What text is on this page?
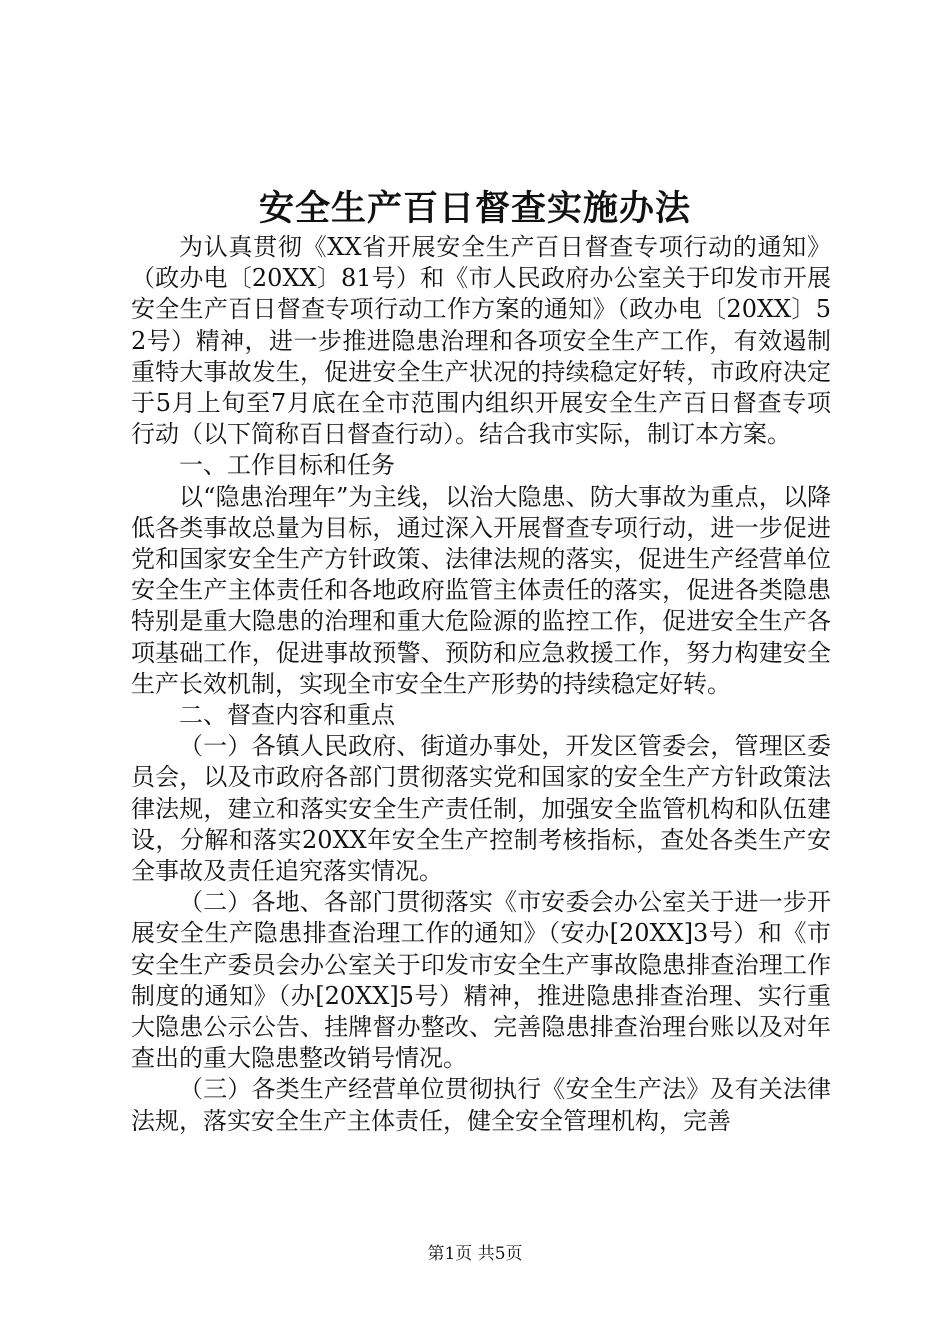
安全生产百日督查实施办法

为认真贯彻《XX省开展安全生产百日督查专项行动的通知》（政办电〔20XX〕81号）和《市人民政府办公室关于印发市开展安全生产百日督查专项行动工作方案的通知》（政办电〔20XX〕52号）精神，进一步推进隐患治理和各项安全生产工作，有效遏制重特大事故发生，促进安全生产状况的持续稳定好转，市政府决定于5月上旬至7月底在全市范围内组织开展安全生产百日督查专项行动（以下简称百日督查行动）。结合我市实际，制订本方案。

一、工作目标和任务

以“隐患治理年”为主线，以治大隐患、防大事故为重点，以降低各类事故总量为目标，通过深入开展督查专项行动，进一步促进党和国家安全生产方针政策、法律法规的落实，促进生产经营单位安全生产主体责任和各地政府监管主体责任的落实，促进各类隐患特别是重大隐患的治理和重大危险源的监控工作，促进安全生产各项基础工作，促进事故预警、预防和应急救援工作，努力构建安全生产长效机制，实现全市安全生产形势的持续稳定好转。

二、督查内容和重点

（一）各镇人民政府、街道办事处，开发区管委会，管理区委员会，以及市政府各部门贯彻落实党和国家的安全生产方针政策法律法规，建立和落实安全生产责任制，加强安全监管机构和队伍建设，分解和落实20XX年安全生产控制考核指标，查处各类生产安全事故及责任追究落实情况。

（二）各地、各部门贯彻落实《市安委会办公室关于进一步开展安全生产隐患排查治理工作的通知》（安办[20XX]3号）和《市安全生产委员会办公室关于印发市安全生产事故隐患排查治理工作制度的通知》（办[20XX]5号）精神，推进隐患排查治理、实行重大隐患公示公告、挂牌督办整改、完善隐患排查治理台账以及对年查出的重大隐患整改销号情况。

（三）各类生产经营单位贯彻执行《安全生产法》及有关法律法规，落实安全生产主体责任，健全安全管理机构，完善

第1页 共5页
